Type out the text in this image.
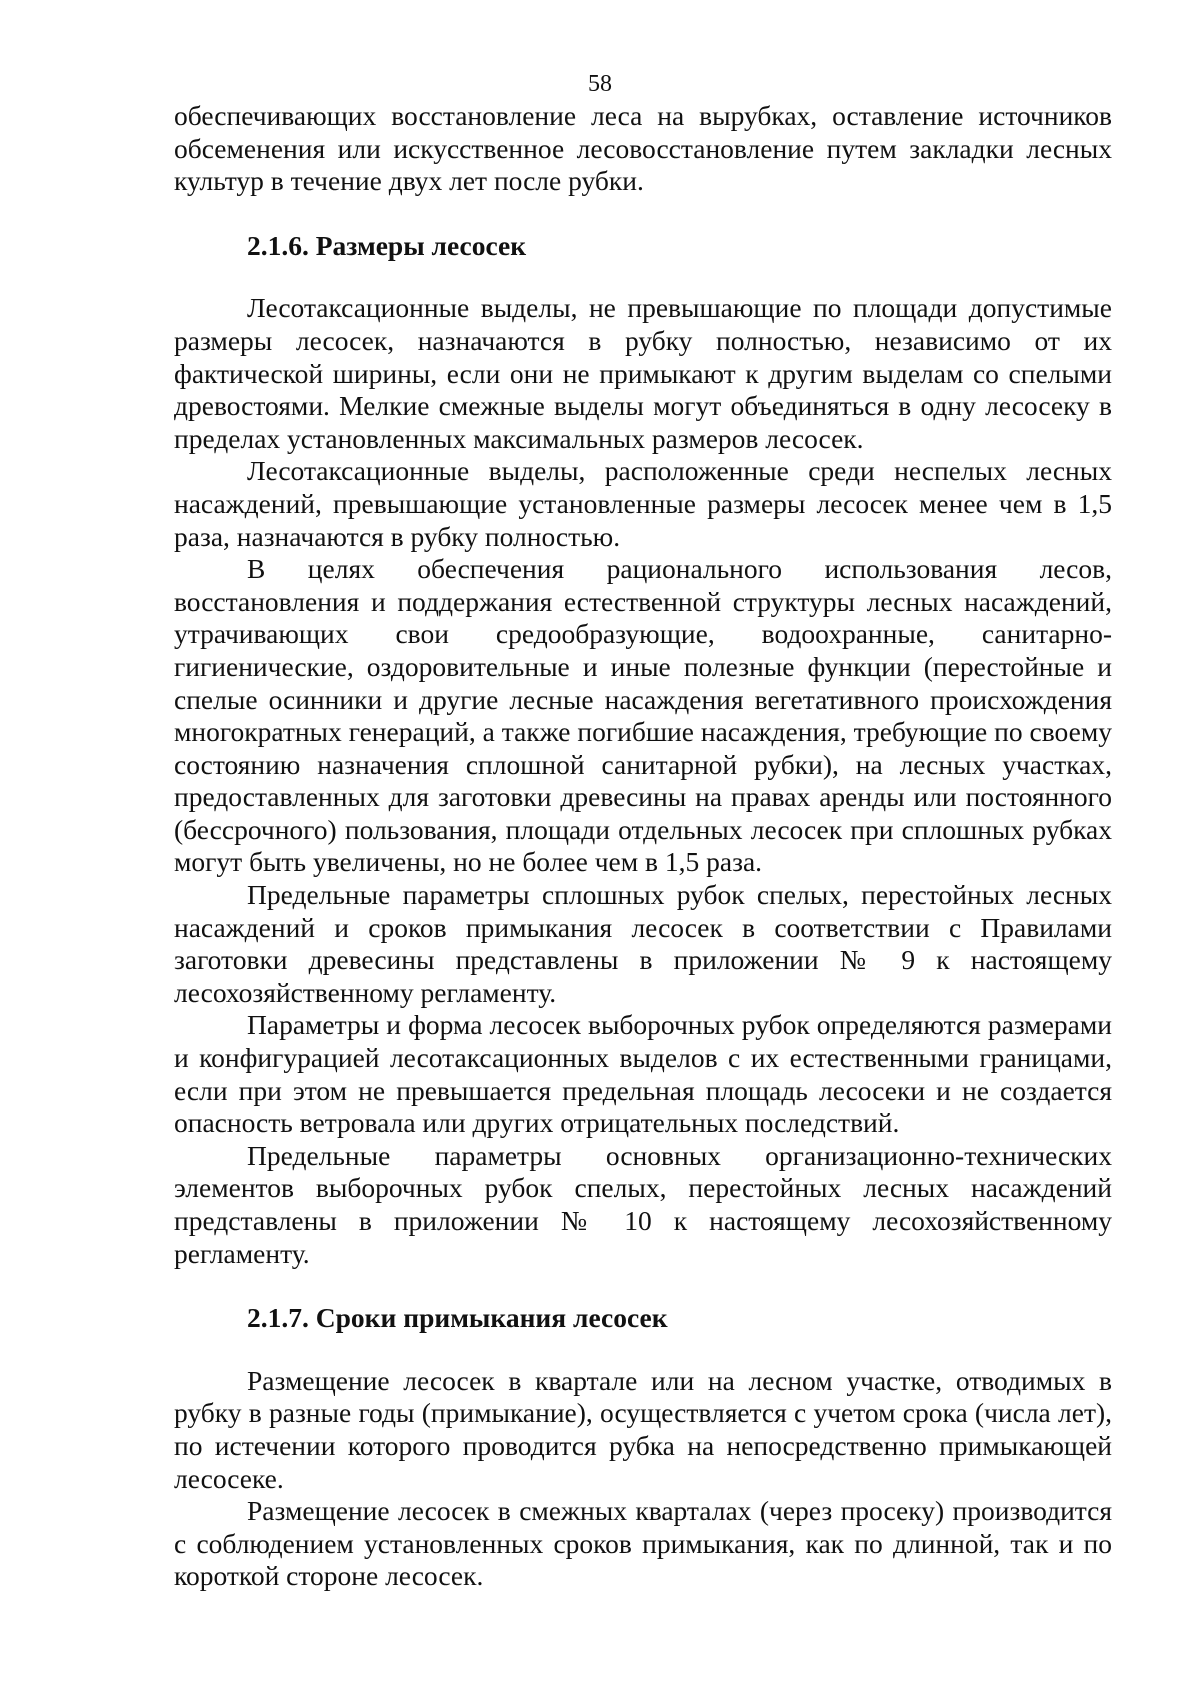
58

обеспечивающих восстановление леса на вырубках, оставление источников обсеменения или искусственное лесовосстановление путем закладки лесных культур в течение двух лет после рубки.

2.1.6. Размеры лесосек

Лесотаксационные выделы, не превышающие по площади допустимые размеры лесосек, назначаются в рубку полностью, независимо от их фактической ширины, если они не примыкают к другим выделам со спелыми древостоями. Мелкие смежные выделы могут объединяться в одну лесосеку в пределах установленных максимальных размеров лесосек.

Лесотаксационные выделы, расположенные среди неспелых лесных насаждений, превышающие установленные размеры лесосек менее чем в 1,5 раза, назначаются в рубку полностью.

В целях обеспечения рационального использования лесов, восстановления и поддержания естественной структуры лесных насаждений, утрачивающих свои средообразующие, водоохранные, санитарно-гигиенические, оздоровительные и иные полезные функции (перестойные и спелые осинники и другие лесные насаждения вегетативного происхождения многократных генераций, а также погибшие насаждения, требующие по своему состоянию назначения сплошной санитарной рубки), на лесных участках, предоставленных для заготовки древесины на правах аренды или постоянного (бессрочного) пользования, площади отдельных лесосек при сплошных рубках могут быть увеличены, но не более чем в 1,5 раза.

Предельные параметры сплошных рубок спелых, перестойных лесных насаждений и сроков примыкания лесосек в соответствии с Правилами заготовки древесины представлены в приложении № 9 к настоящему лесохозяйственному регламенту.

Параметры и форма лесосек выборочных рубок определяются размерами и конфигурацией лесотаксационных выделов с их естественными границами, если при этом не превышается предельная площадь лесосеки и не создается опасность ветровала или других отрицательных последствий.

Предельные параметры основных организационно-технических элементов выборочных рубок спелых, перестойных лесных насаждений представлены в приложении № 10 к настоящему лесохозяйственному регламенту.

2.1.7. Сроки примыкания лесосек

Размещение лесосек в квартале или на лесном участке, отводимых в рубку в разные годы (примыкание), осуществляется с учетом срока (числа лет), по истечении которого проводится рубка на непосредственно примыкающей лесосеке.

Размещение лесосек в смежных кварталах (через просеку) производится с соблюдением установленных сроков примыкания, как по длинной, так и по короткой стороне лесосек.
